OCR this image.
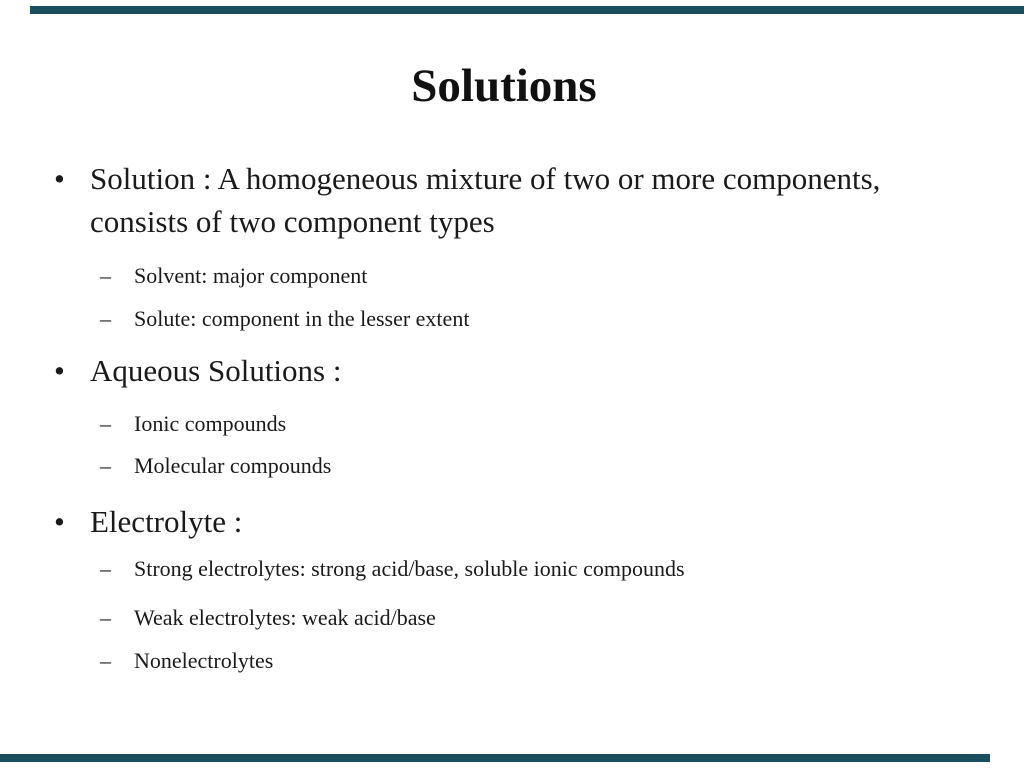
Solutions
• Solution : A homogeneous mixture of two or more components,
consists of two component types
–	Solvent: major component
–	Solute: component in the lesser extent
• Aqueous Solutions :
–	Ionic compounds
–	Molecular compounds
• Electrolyte :
–	Strong electrolytes: strong acid/base, soluble ionic compounds
–	Weak electrolytes: weak acid/base
–	Nonelectrolytes
